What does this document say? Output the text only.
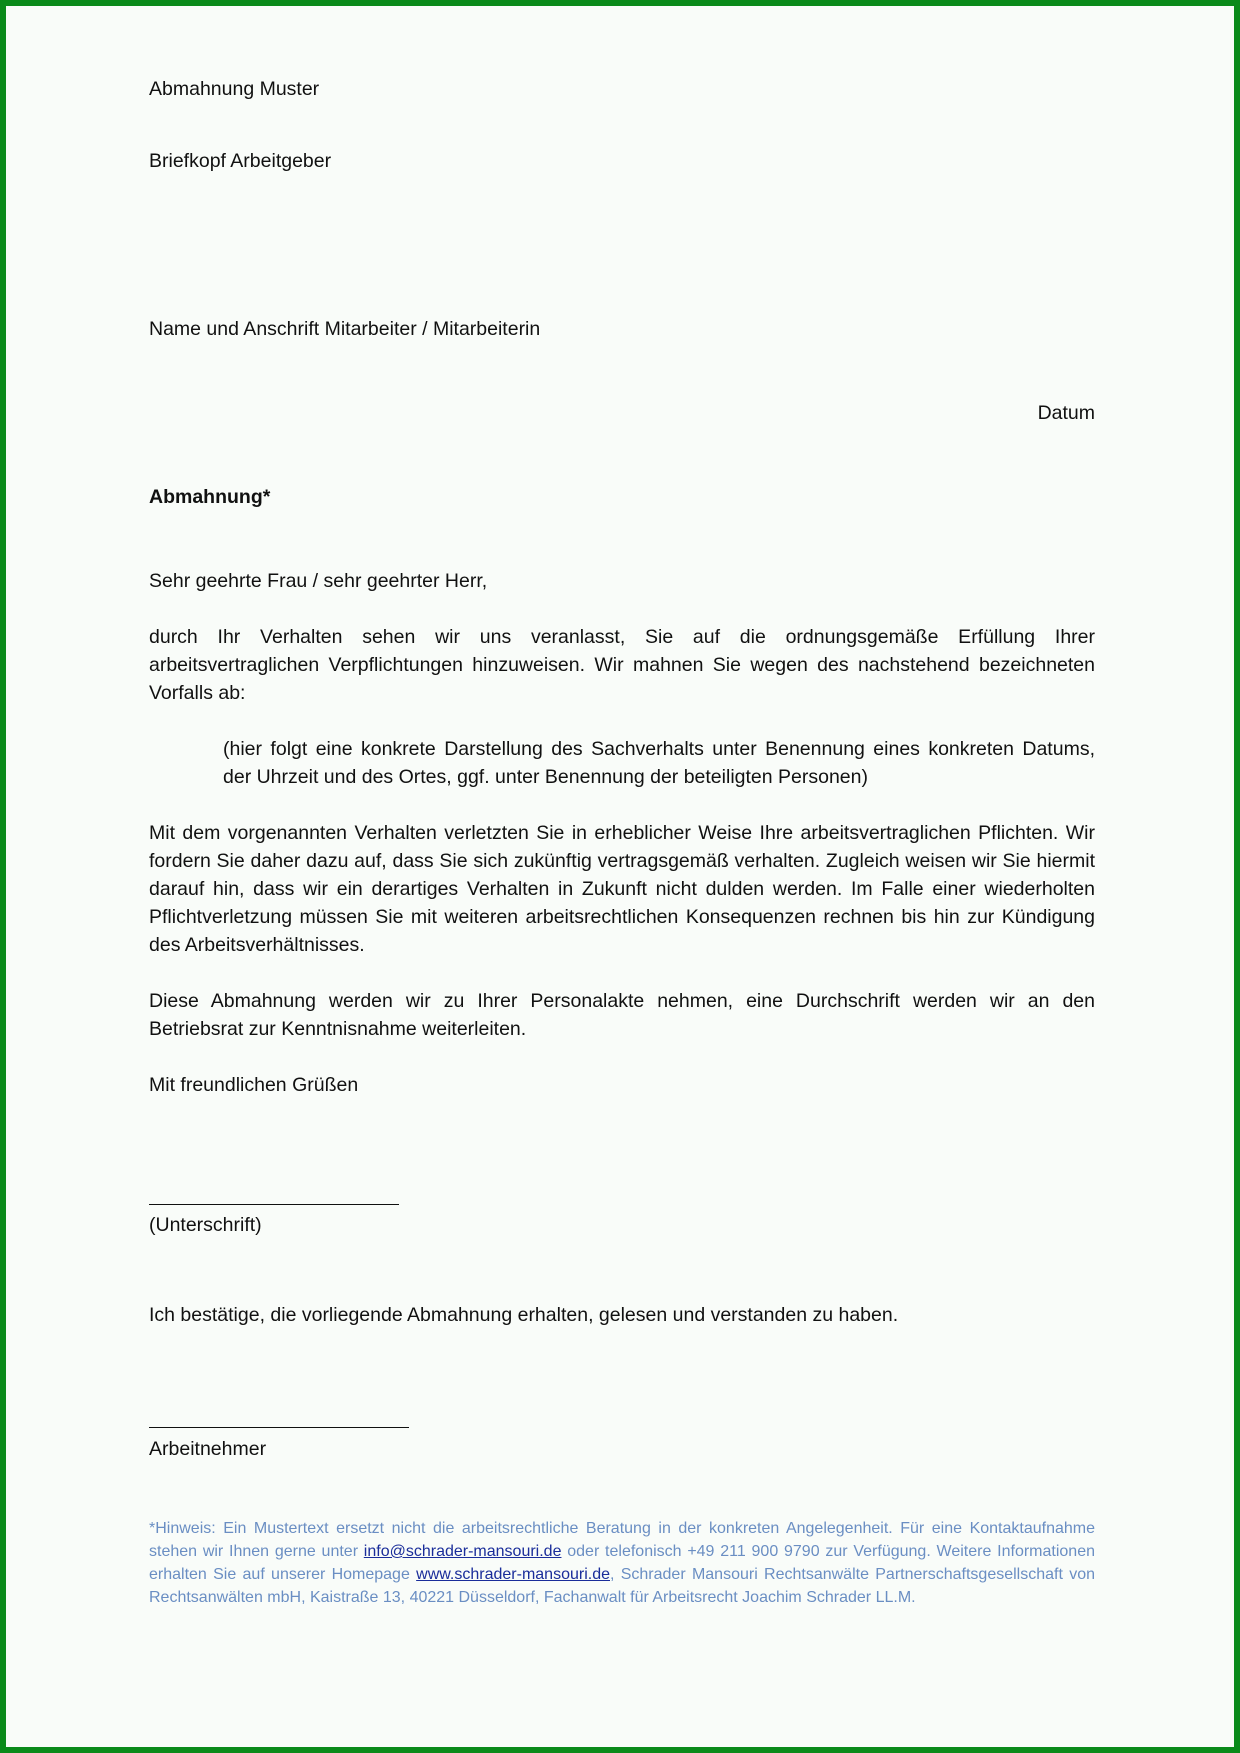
Abmahnung Muster
Briefkopf Arbeitgeber
Name und Anschrift Mitarbeiter / Mitarbeiterin
Datum
Abmahnung*
Sehr geehrte Frau / sehr geehrter Herr,
durch Ihr Verhalten sehen wir uns veranlasst, Sie auf die ordnungsgemäße Erfüllung Ihrer arbeitsvertraglichen Verpflichtungen hinzuweisen. Wir mahnen Sie wegen des nachstehend bezeichneten Vorfalls ab:
(hier folgt eine konkrete Darstellung des Sachverhalts unter Benennung eines konkreten Datums, der Uhrzeit und des Ortes, ggf. unter Benennung der beteiligten Personen)
Mit dem vorgenannten Verhalten verletzten Sie in erheblicher Weise Ihre arbeitsvertraglichen Pflichten. Wir fordern Sie daher dazu auf, dass Sie sich zukünftig vertragsgemäß verhalten. Zugleich weisen wir Sie hiermit darauf hin, dass wir ein derartiges Verhalten in Zukunft nicht dulden werden. Im Falle einer wiederholten Pflichtverletzung müssen Sie mit weiteren arbeitsrechtlichen Konsequenzen rechnen bis hin zur Kündigung des Arbeitsverhältnisses.
Diese Abmahnung werden wir zu Ihrer Personalakte nehmen, eine Durchschrift werden wir an den Betriebsrat zur Kenntnisnahme weiterleiten.
Mit freundlichen Grüßen
(Unterschrift)
Ich bestätige, die vorliegende Abmahnung erhalten, gelesen und verstanden zu haben.
Arbeitnehmer
*Hinweis: Ein Mustertext ersetzt nicht die arbeitsrechtliche Beratung in der konkreten Angelegenheit. Für eine Kontaktaufnahme stehen wir Ihnen gerne unter info@schrader-mansouri.de oder telefonisch +49 211 900 9790 zur Verfügung. Weitere Informationen erhalten Sie auf unserer Homepage www.schrader-mansouri.de, Schrader Mansouri Rechtsanwälte Partnerschaftsgesellschaft von Rechtsanwälten mbH, Kaistraße 13, 40221 Düsseldorf, Fachanwalt für Arbeitsrecht Joachim Schrader LL.M.
